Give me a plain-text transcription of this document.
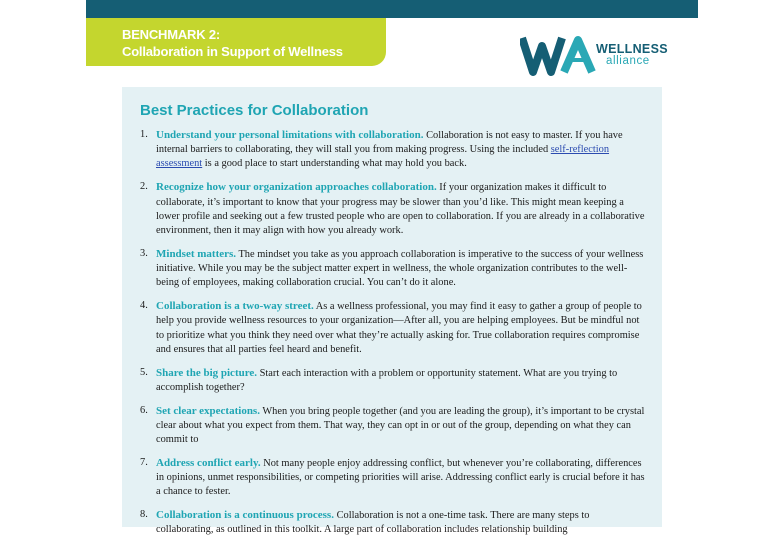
BENCHMARK 2:
Collaboration in Support of Wellness	WELLNESS
alliance
Best Practices for Collaboration
1. Understand your personal limitations with collaboration. Collaboration is not easy to master. If you have internal barriers to collaborating, they will stall you from making progress. Using the included self-reflection assessment is a good place to start understanding what may hold you back.
2. Recognize how your organization approaches collaboration. If your organization makes it difficult to collaborate, it’s important to know that your progress may be slower than you’d like. This might mean keeping a lower profile and seeking out a few trusted people who are open to collaboration. If you are already in a collaborative environment, then it may align with how you already work.
3. Mindset matters. The mindset you take as you approach collaboration is imperative to the success of your wellness initiative. While you may be the subject matter expert in wellness, the whole organization contributes to the well-being of employees, making collaboration crucial. You can’t do it alone.
4. Collaboration is a two-way street. As a wellness professional, you may find it easy to gather a group of people to help you provide wellness resources to your organization—After all, you are helping employees. But be mindful not to prioritize what you think they need over what they’re actually asking for. True collaboration requires compromise and ensures that all parties feel heard and benefit.
5. Share the big picture. Start each interaction with a problem or opportunity statement. What are you trying to accomplish together?
6. Set clear expectations. When you bring people together (and you are leading the group), it’s important to be crystal clear about what you expect from them. That way, they can opt in or out of the group, depending on what they can commit to
7. Address conflict early. Not many people enjoy addressing conflict, but whenever you’re collaborating, differences in opinions, unmet responsibilities, or competing priorities will arise. Addressing conflict early is crucial before it has a chance to fester.
8. Collaboration is a continuous process. Collaboration is not a one-time task. There are many steps to collaborating, as outlined in this toolkit. A large part of collaboration includes relationship building
